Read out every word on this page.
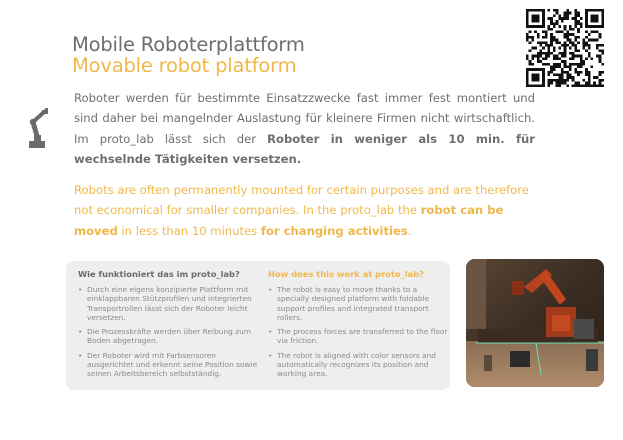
Mobile Roboterplattform
Movable robot platform

Roboter werden für bestimmte Einsatzzwecke fast immer fest montiert und sind daher bei mangelnder Auslastung für kleinere Firmen nicht wirtschaftlich. Im proto_lab lässt sich der Roboter in weniger als 10 min. für wechselnde Tätigkeiten versetzen.

Robots are often permanently mounted for certain purposes and are therefore not economical for smaller companies. In the proto_lab the robot can be moved in less than 10 minutes for changing activities.

Wie funktioniert das im proto_lab?
• Durch eine eigens konzipierte Plattform mit einklappbaren Stützprofilen und integrierten Transportrollen lässt sich der Roboter leicht versetzen.
• Die Prozesskräfte werden über Reibung zum Boden abgetragen.
• Der Roboter wird mit Farbsensoren ausgerichtet und erkennt seine Position sowie seinen Arbeitsbereich selbstständig.
How does this work at proto_lab?
• The robot is easy to move thanks to a specially designed platform with foldable support profiles and integrated transport rollers.
• The process forces are transferred to the floor via friction.
• The robot is aligned with color sensors and automatically recognizes its position and working area.
